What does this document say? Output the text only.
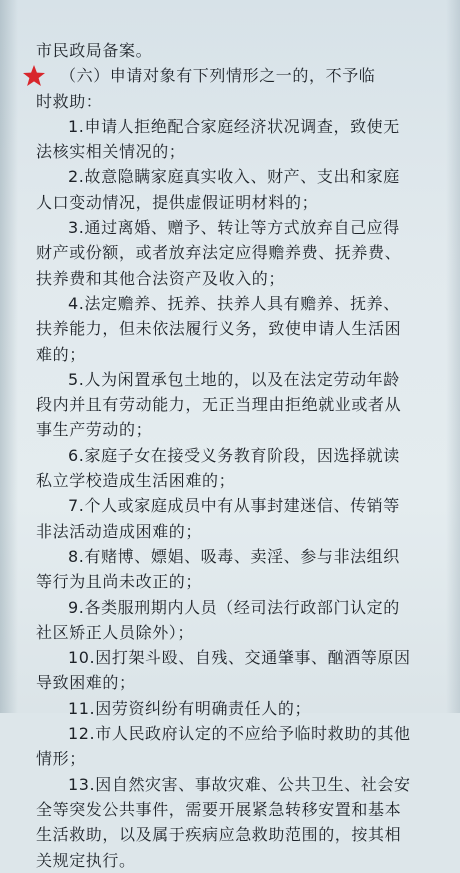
市民政局备案。
（六）申请对象有下列情形之一的，不予临
时救助：
1.申请人拒绝配合家庭经济状况调查，致使无
法核实相关情况的；
2.故意隐瞒家庭真实收入、财产、支出和家庭
人口变动情况，提供虚假证明材料的；
3.通过离婚、赠予、转让等方式放弃自己应得
财产或份额，或者放弃法定应得赡养费、抚养费、
扶养费和其他合法资产及收入的；
4.法定赡养、抚养、扶养人具有赡养、抚养、
扶养能力，但未依法履行义务，致使申请人生活困
难的；
5.人为闲置承包土地的，以及在法定劳动年龄
段内并且有劳动能力，无正当理由拒绝就业或者从
事生产劳动的；
6.家庭子女在接受义务教育阶段，因选择就读
私立学校造成生活困难的；
7.个人或家庭成员中有从事封建迷信、传销等
非法活动造成困难的；
8.有赌博、嫖娼、吸毒、卖淫、参与非法组织
等行为且尚未改正的；
9.各类服刑期内人员（经司法行政部门认定的
社区矫正人员除外）；
10.因打架斗殴、自残、交通肇事、酗酒等原因
导致困难的；
11.因劳资纠纷有明确责任人的；
12.市人民政府认定的不应给予临时救助的其他
情形；
13.因自然灾害、事故灾难、公共卫生、社会安
全等突发公共事件，需要开展紧急转移安置和基本
生活救助，以及属于疾病应急救助范围的，按其相
关规定执行。
